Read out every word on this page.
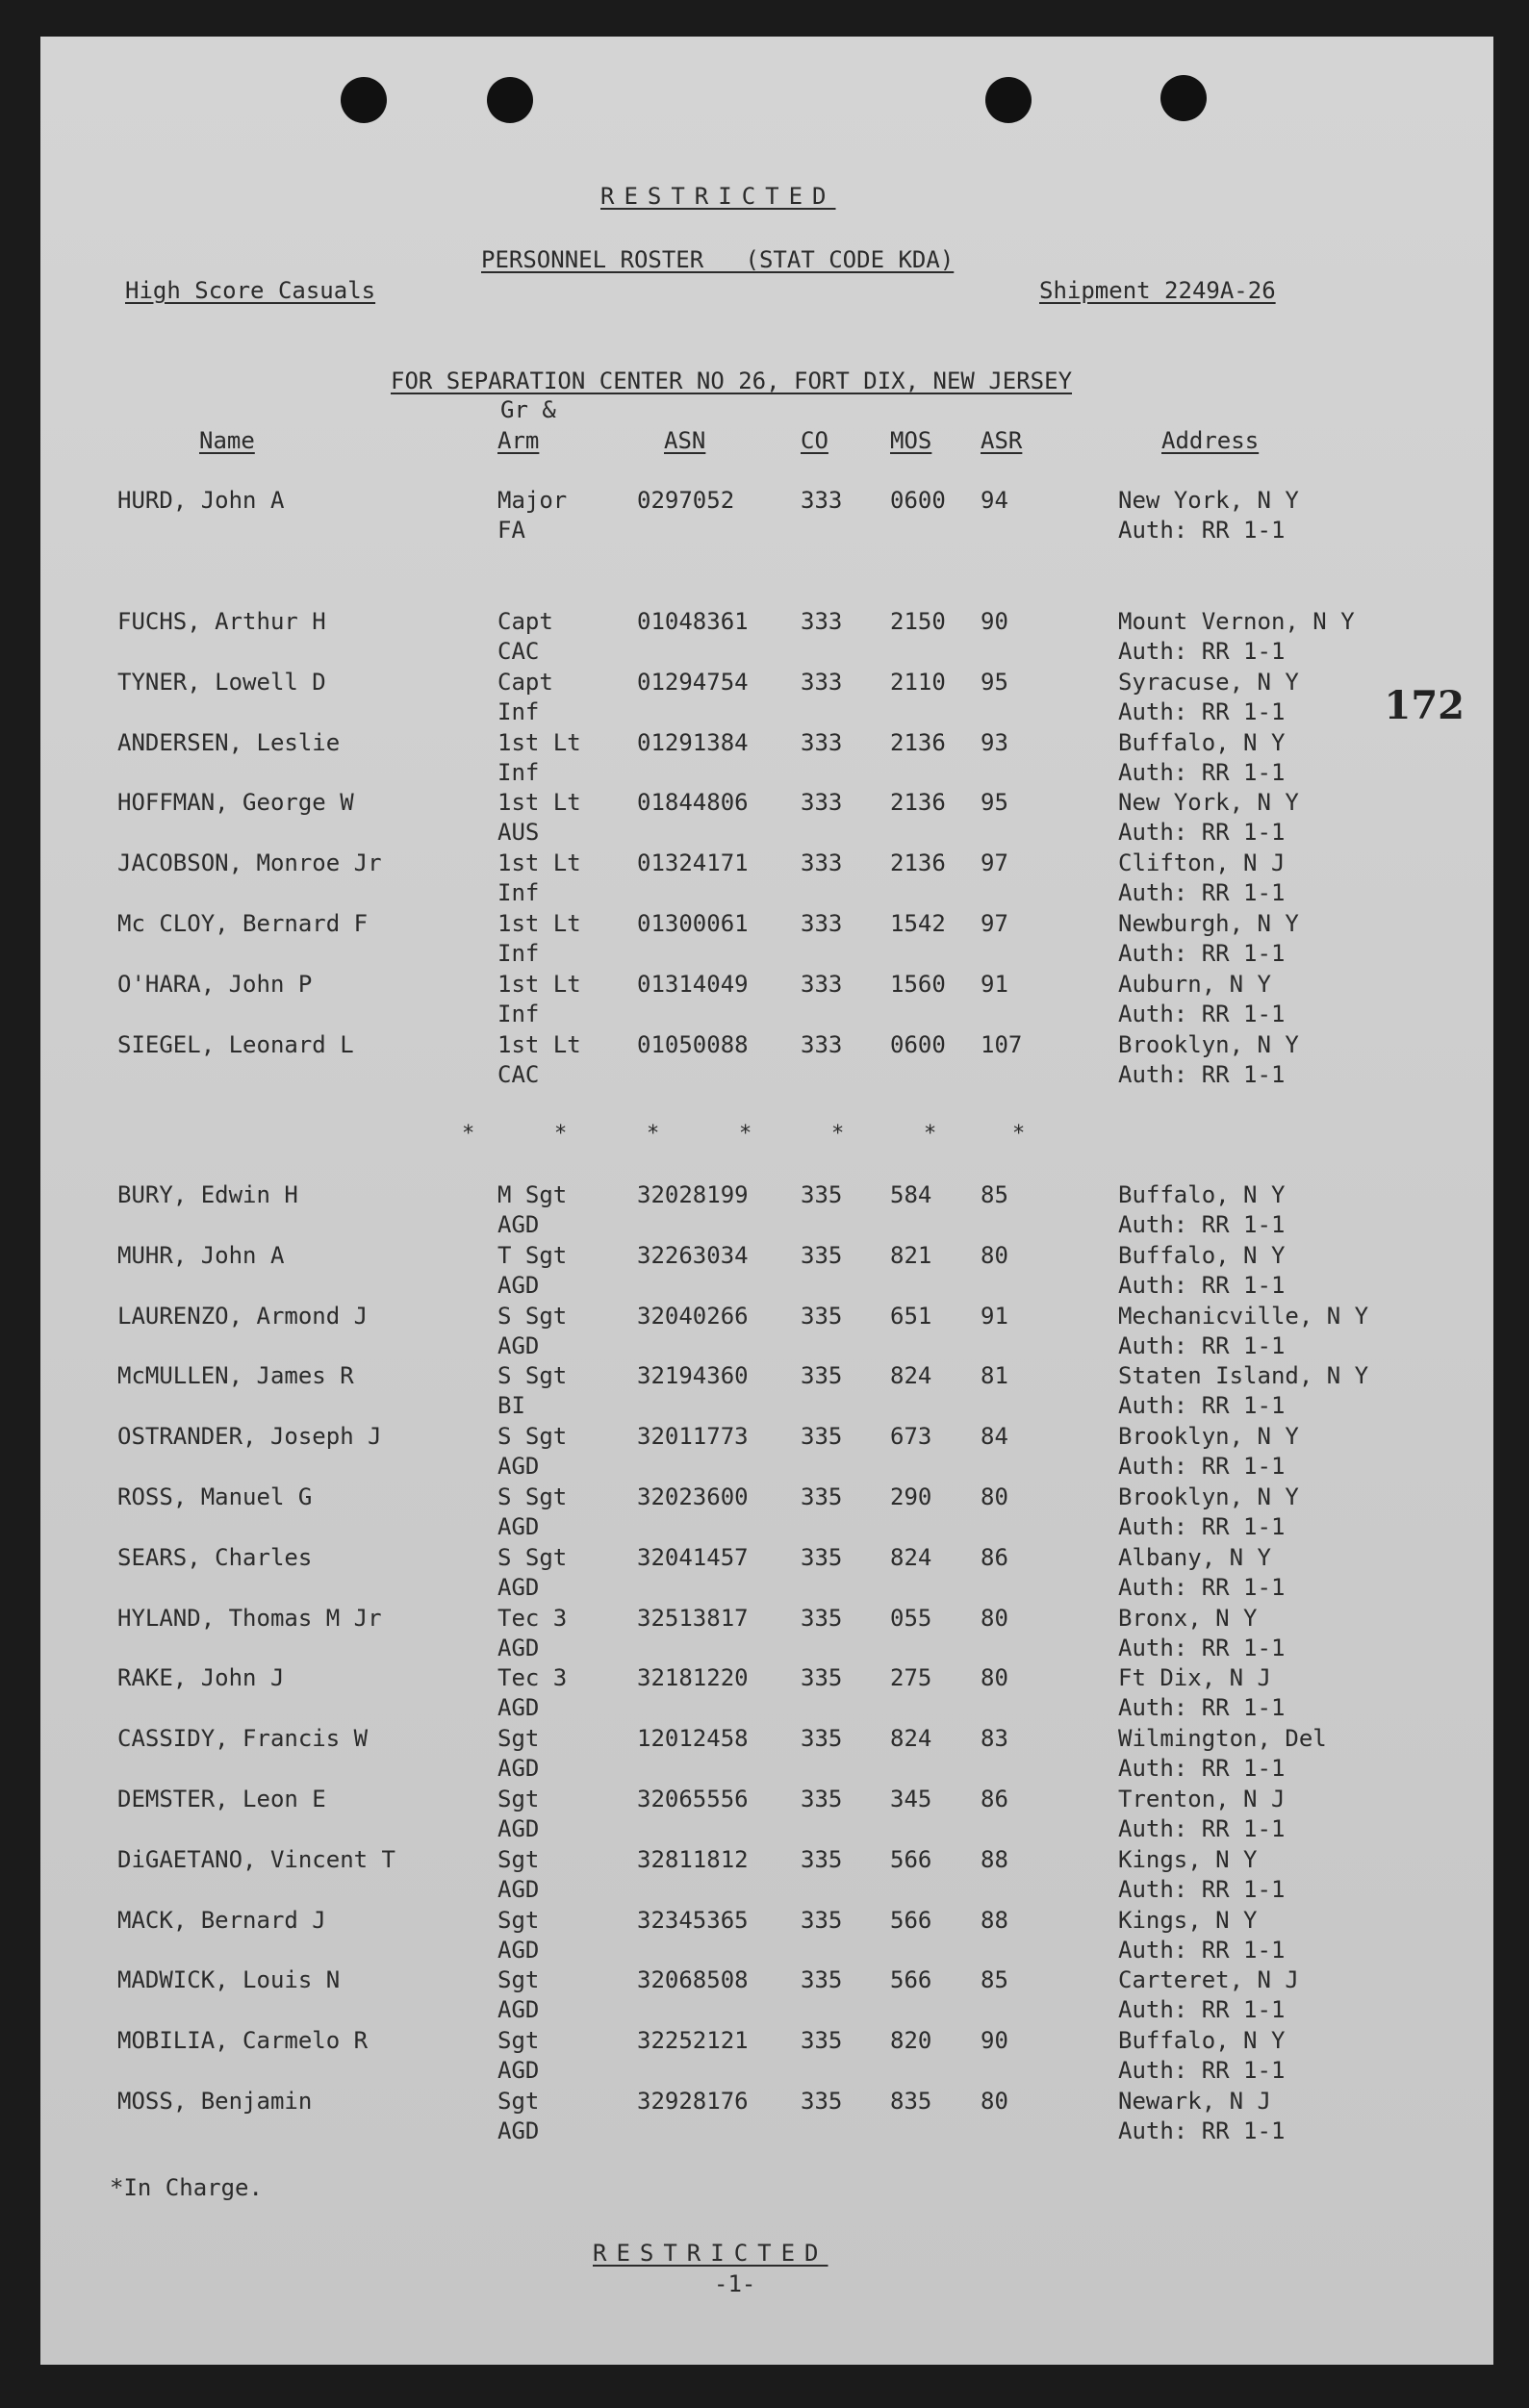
RESTRICTED
PERSONNEL ROSTER   (STAT CODE KDA)
High Score Casuals	Shipment 2249A-26
FOR SEPARATION CENTER NO 26, FORT DIX, NEW JERSEY
Name
Gr &
Arm	ASN	CO	MOS ASR	Address
172
HURD, John A	Major
FA
0297052	333 0600 94	New York, N Y
Auth: RR 1-1
FUCHS, Arthur H	Capt
CAC
01048361 333 2150 90	Mount Vernon, N Y
Auth: RR 1-1
TYNER, Lowell D	Capt
Inf
01294754 333 2110 95	Syracuse, N Y
Auth: RR 1-1
ANDERSEN, Leslie	1st Lt
Inf
01291384 333 2136 93	Buffalo, N Y
Auth: RR 1-1
HOFFMAN, George W	1st Lt
AUS
01844806 333 2136 95	New York, N Y
Auth: RR 1-1
JACOBSON, Monroe Jr	1st Lt
Inf
01324171 333 2136 97	Clifton, N J
Auth: RR 1-1
Mc CLOY, Bernard F	1st Lt
Inf
01300061 333 1542 97	Newburgh, N Y
Auth: RR 1-1
O'HARA, John P	1st Lt
Inf
01314049 333 1560 91	Auburn, N Y
Auth: RR 1-1
SIEGEL, Leonard L	1st Lt
CAC
01050088 333 0600 107	Brooklyn, N Y
Auth: RR 1-1
*	*	*	*	*	*	*
BURY, Edwin H	M Sgt
AGD
32028199 335 584 85	Buffalo, N Y
Auth: RR 1-1
MUHR, John A	T Sgt
AGD
32263034 335 821 80	Buffalo, N Y
Auth: RR 1-1
LAURENZO, Armond J	S Sgt
AGD
32040266 335 651 91	Mechanicville, N Y
Auth: RR 1-1
McMULLEN, James R	S Sgt
BI
32194360 335 824 81	Staten Island, N Y
Auth: RR 1-1
OSTRANDER, Joseph J	S Sgt
AGD
32011773 335 673 84	Brooklyn, N Y
Auth: RR 1-1
ROSS, Manuel G	S Sgt
AGD
32023600 335 290 80	Brooklyn, N Y
Auth: RR 1-1
SEARS, Charles	S Sgt
AGD
32041457 335 824 86	Albany, N Y
Auth: RR 1-1
HYLAND, Thomas M Jr	Tec 3
AGD
32513817 335 055 80	Bronx, N Y
Auth: RR 1-1
RAKE, John J	Tec 3
AGD
32181220 335 275 80	Ft Dix, N J
Auth: RR 1-1
CASSIDY, Francis W	Sgt
AGD
12012458 335 824 83	Wilmington, Del
Auth: RR 1-1
DEMSTER, Leon E	Sgt
AGD
32065556 335 345 86	Trenton, N J
Auth: RR 1-1
DiGAETANO, Vincent T	Sgt
AGD
32811812 335 566 88	Kings, N Y
Auth: RR 1-1
MACK, Bernard J	Sgt
AGD
32345365 335 566 88	Kings, N Y
Auth: RR 1-1
MADWICK, Louis N	Sgt
AGD
32068508 335 566 85	Carteret, N J
Auth: RR 1-1
MOBILIA, Carmelo R	Sgt
AGD
32252121 335 820 90	Buffalo, N Y
Auth: RR 1-1
MOSS, Benjamin	Sgt
AGD
32928176 335 835 80	Newark, N J
Auth: RR 1-1
*In Charge.
RESTRICTED
-1-
